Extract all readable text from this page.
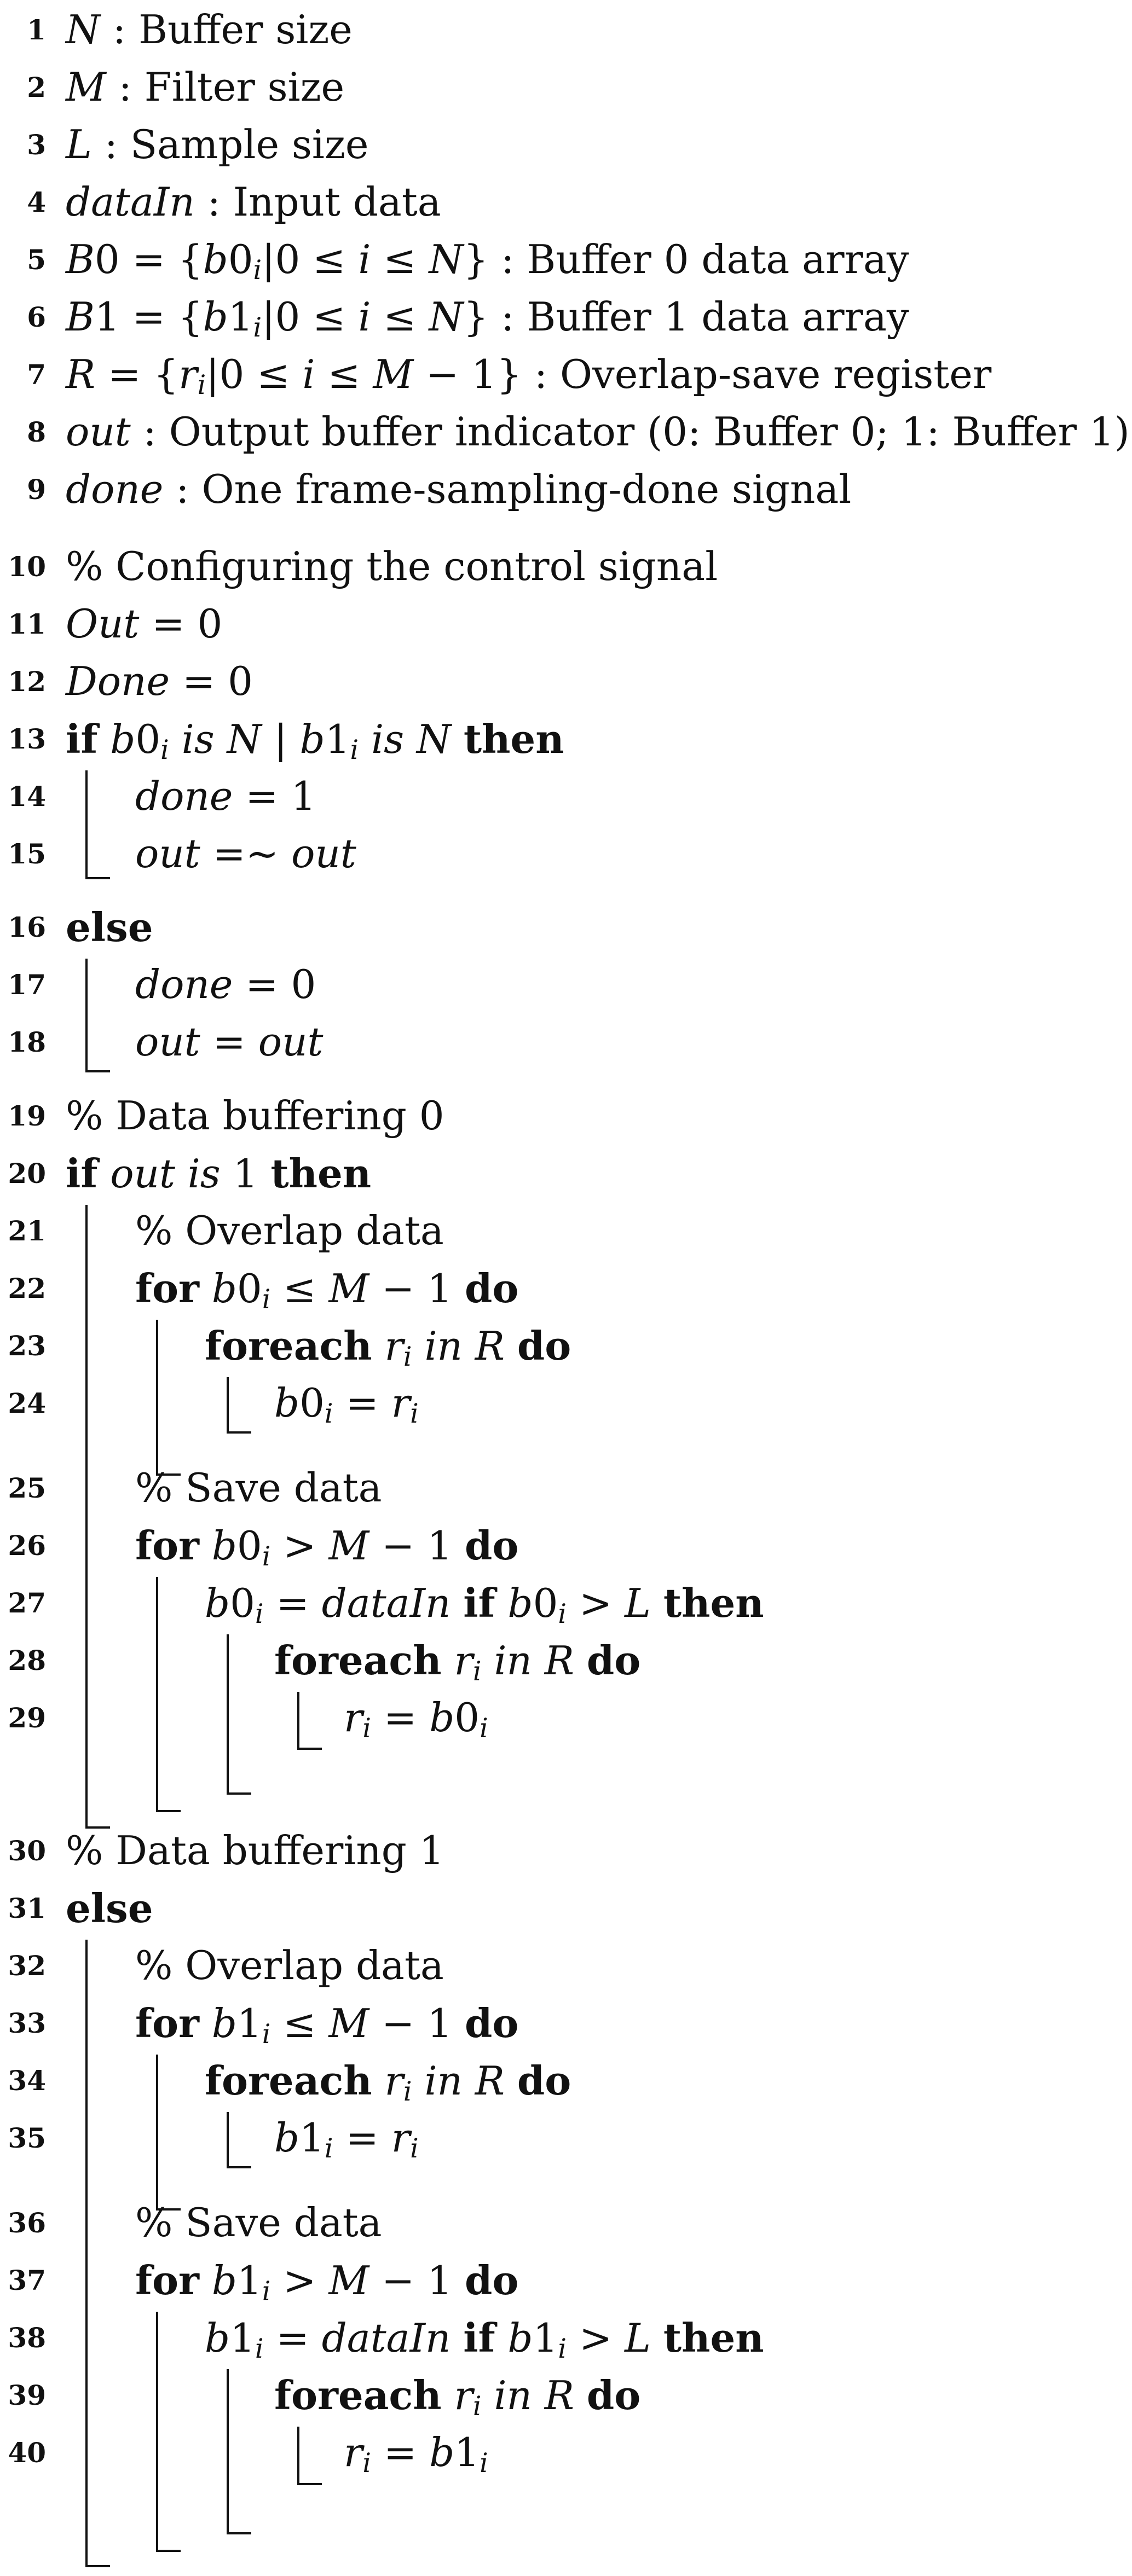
1 N : Buffer size
2 M : Filter size
3 L : Sample size
4 dataIn : Input data
5 $B0 = \{b0_i|0 \le i \le N\}$ : Buffer 0 data array
6 $B1 = \{b1_i|0 \le i \le N\}$ : Buffer 1 data array
7 $R = \{r_i|0 \le i \le M - 1\}$ : Overlap-save register
8 out : Output buffer indicator (0: Buffer 0; 1: Buffer 1)
9 done : One frame-sampling-done signal
10 % Configuring the control signal
11 Out = 0
12 Done = 0
13 if $b0_i$ is N | $b1_i$ is N then
14 done = 1
15 out =∼ out
16 else
17 done = 0
18 out = out
19 % Data buffering 0
20 if out is 1 then
21 % Overlap data
22 for $b0_i \le M - 1$ do
23	foreach $r_i$ in R do
24	$b0_i = r_i$
25 % Save data
26 for $b0_i > M - 1$ do
27	$b0_i$ = dataIn if $b0_i > L$ then
28	foreach $r_i$ in R do
29	$r_i = b0_i$
30 % Data buffering 1
31 else
32 % Overlap data
33 for $b1_i \le M - 1$ do
34	foreach $r_i$ in R do
35	$b1_i = r_i$
36 % Save data
37 for $b1_i > M - 1$ do
38	$b1_i$ = dataIn if $b1_i > L$ then
39	foreach $r_i$ in R do
40	$r_i = b1_i$
